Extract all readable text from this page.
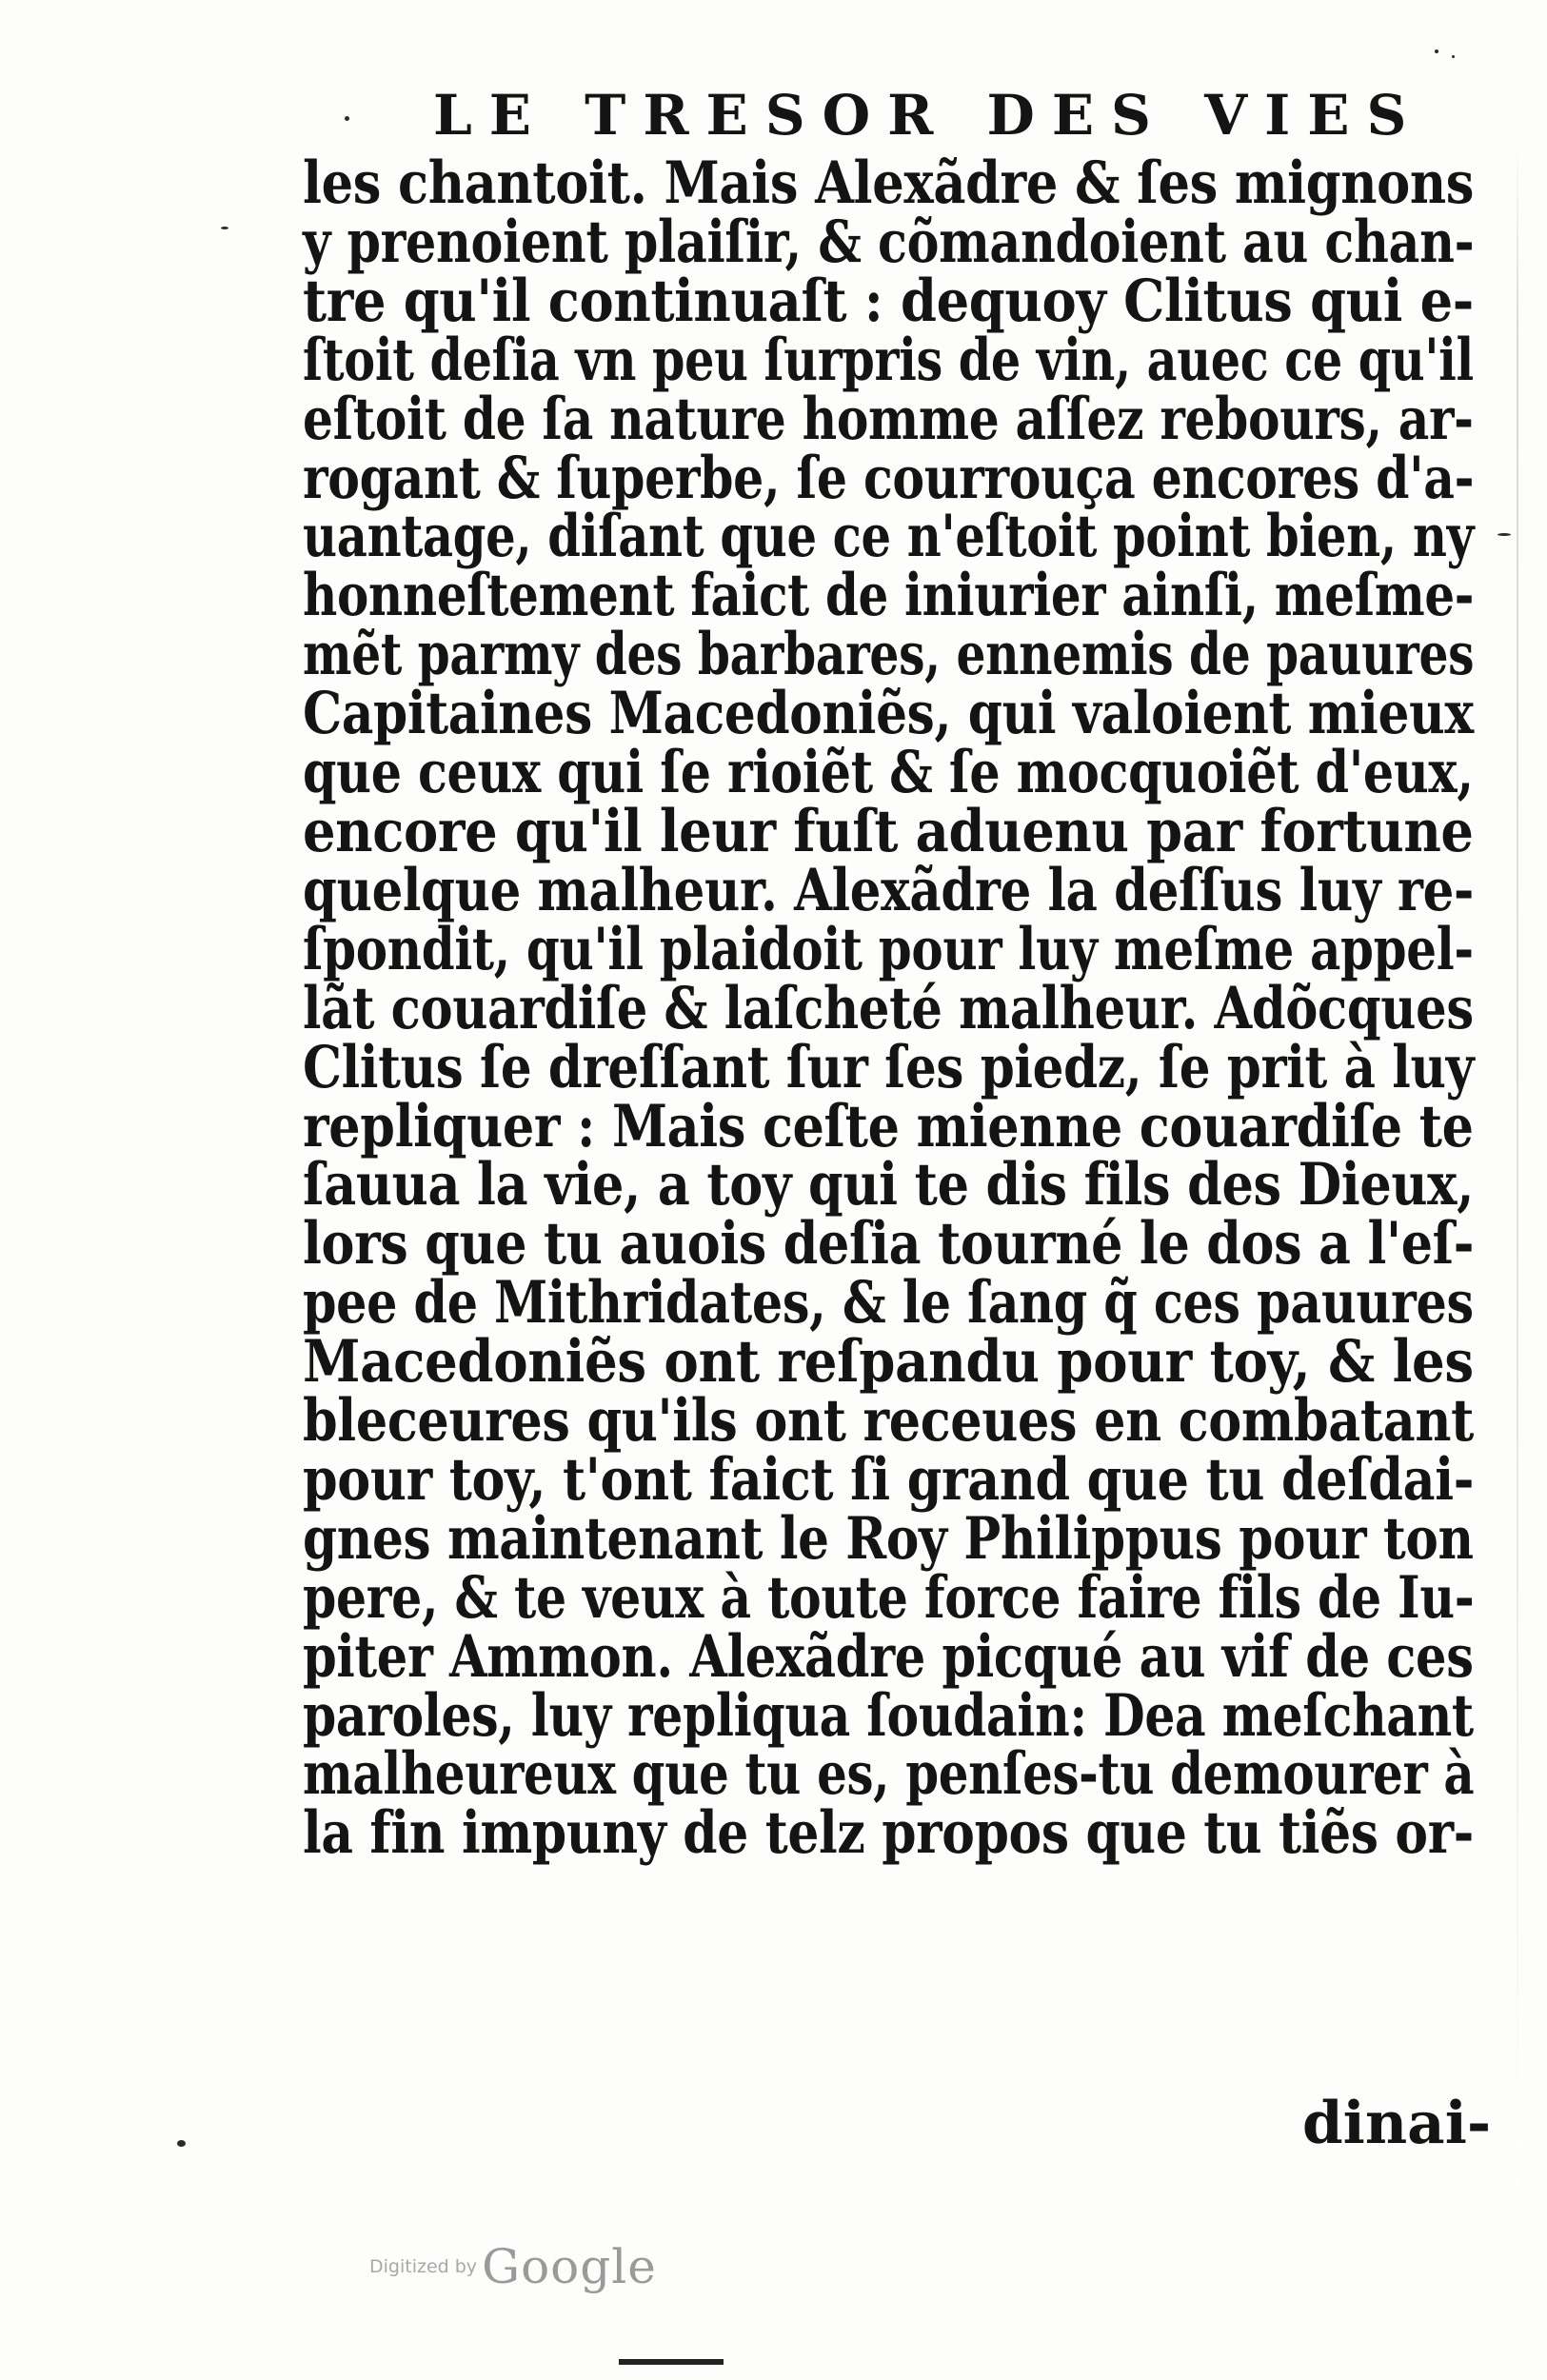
LE TRESOR DES VIES
les chantoit. Mais Alexãdre & ſes mignons y prenoient plaiſir, & cõmandoient au chan- tre qu'il continuaſt : dequoy Clitus qui e- ſtoit deſia vn peu ſurpris de vin, auec ce qu'il eſtoit de ſa nature homme aſſez rebours, ar- rogant & ſuperbe, ſe courrouça encores d'a- uantage, diſant que ce n'eſtoit point bien, ny honneſtement faict de iniurier ainſi, meſme- mẽt parmy des barbares, ennemis de pauures Capitaines Macedoniẽs, qui valoient mieux que ceux qui ſe rioiẽt & ſe mocquoiẽt d'eux, encore qu'il leur fuſt aduenu par fortune quelque malheur. Alexãdre la deſſus luy re- ſpondit, qu'il plaidoit pour luy meſme appel- lãt couardiſe & laſcheté malheur. Adõcques Clitus ſe dreſſant ſur ſes piedz, ſe prit à luy repliquer : Mais ceſte mienne couardiſe te ſauua la vie, a toy qui te dis fils des Dieux, lors que tu auois deſia tourné le dos a l'eſ- pee de Mithridates, & le ſang q̃ ces pauures Macedoniẽs ont reſpandu pour toy, & les bleceures qu'ils ont receues en combatant pour toy, t'ont faict ſi grand que tu deſdai- gnes maintenant le Roy Philippus pour ton pere, & te veux à toute force faire fils de Iu- piter Ammon. Alexãdre picqué au vif de ces paroles, luy repliqua ſoudain: Dea meſchant malheureux que tu es, penſes-tu demourer à la fin impuny de telz propos que tu tiẽs or-
dinai-
Digitized by Google
